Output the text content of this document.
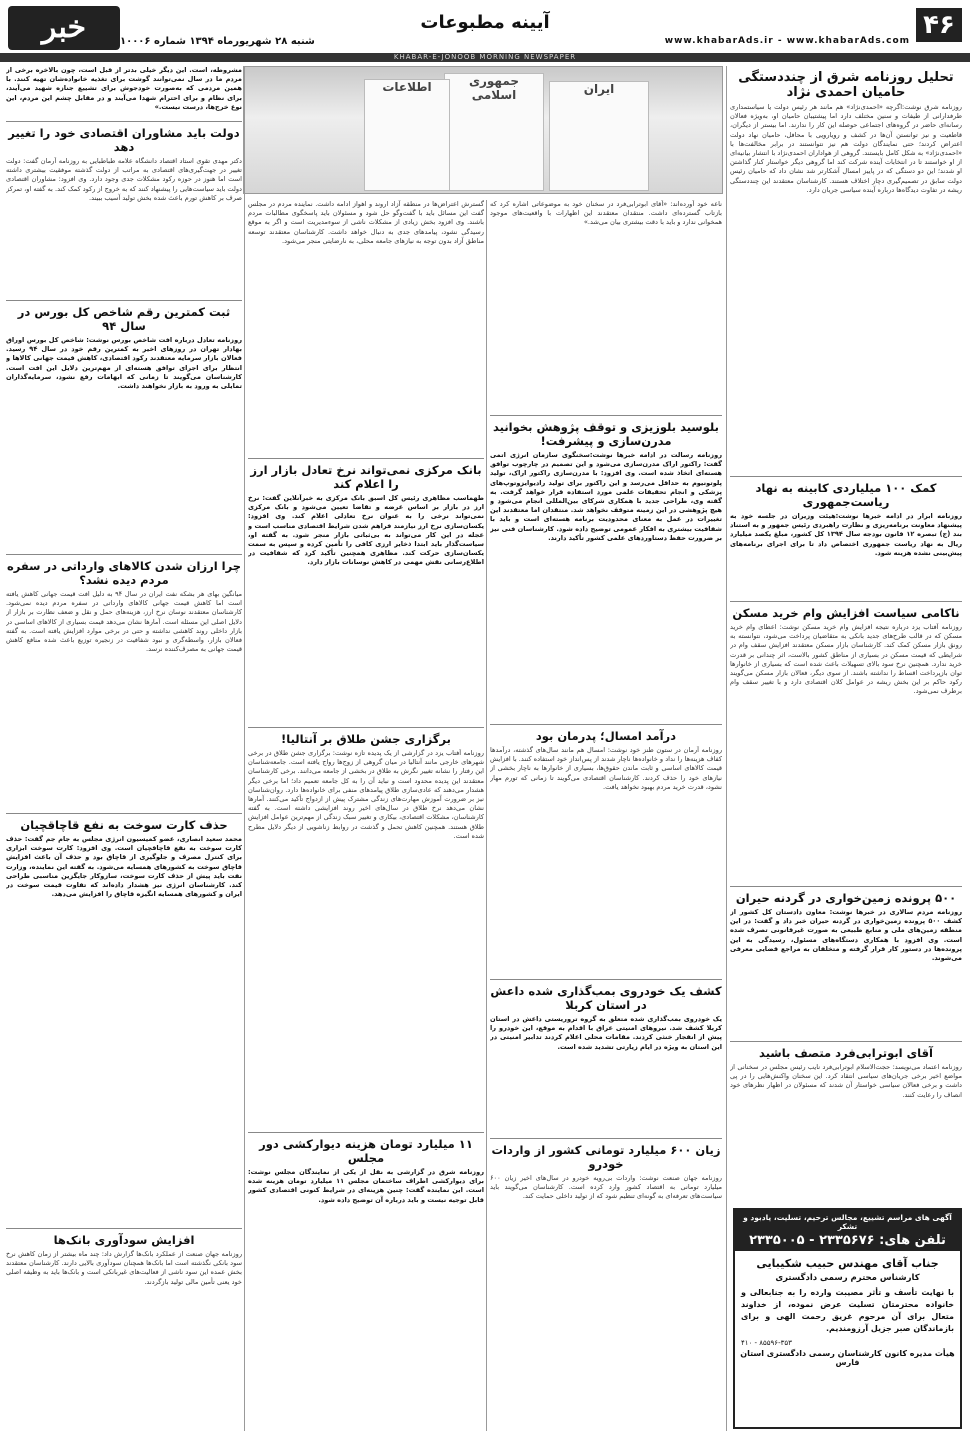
۴۶
www.khabarAds.ir - www.khabarAds.com
آیینه مطبوعات
شنبه ۲۸ شهریورماه ۱۳۹۴ شماره ۱۰۰۰۶
خبر
KHABAR-E-JONOOB MORNING NEWSPAPER
جمهوری اسلامی
اطلاعات	ایران
تحلیل روزنامه شرق از چنددستگی حامیان احمدی نژاد
روزنامه شرق نوشت:اگرچه «احمدی‌نژاد» هم مانند هر رئیس دولت یا سیاستمداری طرفدارانی از طیفات و سنین مختلف دارد اما پیشتیبان حامیان او، به‌ویژه فعالان رسانه‌ای حاضر در گروه‌های اجتماعی حوصله این کار را ندارند. اما بیستر از دیگران، قاطعیت و نیز توانستن آن‌ها در کشف و رویارویی با محافل، حامیان نهاد دولت اعتراض کردند؛ حتی نمایندگان دولت هم نیز نتوانستند در برابر مخالفت‌ها با «احمدی‌نژاد» به شکل کامل بایستند. گروهی از هواداران احمدی‌نژاد با انتشار بیانیه‌ای از او خواستند تا در انتخابات آینده شرکت کند اما گروهی دیگر خواستار کنار گذاشتن او شدند؛ این دو دستگی که در پاییز امسال آشکارتر شد نشان داد که حامیان رئیس دولت سابق در تصمیم‌گیری دچار اختلاف هستند. کارشناسان معتقدند این چنددستگی ریشه در تفاوت دیدگاه‌ها درباره آینده سیاسی جریان دارد.
کمک ۱۰۰ میلیاردی کابینه به نهاد ریاست‌جمهوری
روزنامه ابرار در ادامه خبرها نوشت:هیئت وزیران در جلسه خود به پیشنهاد معاونت برنامه‌ریزی و نظارت راهبردی رئیس جمهور و به استناد بند (ج) تبصره ۱۲ قانون بودجه سال ۱۳۹۴ کل کشور، مبلغ یکصد میلیارد ریال به نهاد ریاست جمهوری اختصاص داد تا برای اجرای برنامه‌های پیش‌بینی نشده هزینه شود.
ناکامی سیاست افزایش وام خرید مسکن
روزنامه آفتاب یزد درباره نتیجه افزایش وام خرید مسکن نوشت: اعطای وام خرید مسکن که در قالب طرح‌های جدید بانکی به متقاضیان پرداخت می‌شود، نتوانسته به رونق بازار مسکن کمک کند. کارشناسان بازار مسکن معتقدند افزایش سقف وام در شرایطی که قیمت مسکن در بسیاری از مناطق کشور بالاست، اثر چندانی بر قدرت خرید ندارد. همچنین نرخ سود بالای تسهیلات باعث شده است که بسیاری از خانوارها توان بازپرداخت اقساط را نداشته باشند. از سوی دیگر، فعالان بازار مسکن می‌گویند رکود حاکم بر این بخش ریشه در عوامل کلان اقتصادی دارد و با تغییر سقف وام برطرف نمی‌شود.
۵۰۰ پرونده زمین‌خواری در گردنه حیران
روزنامه مردم سالاری در خبرها نوشت: معاون دادستان کل کشور از کشف ۵۰۰ پرونده زمین‌خواری در گردنه حیران خبر داد و گفت: در این منطقه زمین‌های ملی و منابع طبیعی به صورت غیرقانونی تصرف شده است. وی افزود با همکاری دستگاه‌های مسئول، رسیدگی به این پرونده‌ها در دستور کار قرار گرفته و متخلفان به مراجع قضایی معرفی می‌شوند.
آقای ابوترابی‌فرد متصف باشید
روزنامه اعتماد می‌نویسد: حجت‌الاسلام ابوترابی‌فرد نایب رئیس مجلس در سخنانی از مواضع اخیر برخی جریان‌های سیاسی انتقاد کرد. این سخنان واکنش‌هایی را در پی داشت و برخی فعالان سیاسی خواستار آن شدند که مسئولان در اظهار نظرهای خود انصاف را رعایت کنند.
آگهی های مراسم تشییع، مجالس ترحیم، تسلیت، یادبود و تشکر
تلفن های: ۲۳۳۵۶۷۶ - ۲۳۳۵۰۰۵
جناب آقای مهندس حبیب شکیبایی
کارشناس محترم رسمی دادگستری
با نهایت تأسف و تأثر مصیبت وارده را به جنابعالی و خانواده محترمتان تسلیت عرض نموده، از خداوند متعال برای آن مرحوم غریق رحمت الهی و برای بازماندگان صبر جزیل آرزومندیم.
۸۵۵۹۶-۳۵۳ - ۴۱۰
هیأت مدیره کانون کارشناسان رسمی دادگستری استان فارس
ناعه خود آورده‌اند: «آقای ابوترابی‌فرد در سخنان خود به موضوعاتی اشاره کرد که بازتاب گسترده‌ای داشت. منتقدان معتقدند این اظهارات با واقعیت‌های موجود همخوانی ندارد و باید با دقت بیشتری بیان می‌شد.»
بلوسید بلوزیزی و توقف پژوهش بخوانید مدرن‌سازی و پیشرفت!
روزنامه رسالت در ادامه خبرها نوشت:سخنگوی سازمان انرژی اتمی گفت: راکتور اراک مدرن‌سازی می‌شود و این تصمیم در چارچوب توافق هسته‌ای اتخاذ شده است. وی افزود: با مدرن‌سازی راکتور اراک، تولید پلوتونیوم به حداقل می‌رسد و این راکتور برای تولید رادیوایزوتوپ‌های پزشکی و انجام تحقیقات علمی مورد استفاده قرار خواهد گرفت. به گفته وی، طراحی جدید با همکاری شرکای بین‌المللی انجام می‌شود و هیچ پژوهشی در این زمینه متوقف نخواهد شد. منتقدان اما معتقدند این تغییرات در عمل به معنای محدودیت برنامه هسته‌ای است و باید با شفافیت بیشتری به افکار عمومی توضیح داده شود. کارشناسان فنی نیز بر ضرورت حفظ دستاوردهای علمی کشور تأکید دارند.
درآمد امسال؛ پدرمان بود
روزنامه آرمان در ستون طنز خود نوشت: امسال هم مانند سال‌های گذشته، درآمدها کفاف هزینه‌ها را نداد و خانواده‌ها ناچار شدند از پس‌انداز خود استفاده کنند. با افزایش قیمت کالاهای اساسی و ثابت ماندن حقوق‌ها، بسیاری از خانوارها به ناچار بخشی از نیازهای خود را حذف کردند. کارشناسان اقتصادی می‌گویند تا زمانی که تورم مهار نشود، قدرت خرید مردم بهبود نخواهد یافت.
کشف یک خودروی بمب‌گذاری شده داعش در استان کربلا
یک خودروی بمب‌گذاری شده متعلق به گروه تروریستی داعش در استان کربلا کشف شد. نیروهای امنیتی عراق با اقدام به موقع، این خودرو را پیش از انفجار خنثی کردند. مقامات محلی اعلام کردند تدابیر امنیتی در این استان به ویژه در ایام زیارتی تشدید شده است.
زیان ۶۰۰ میلیارد تومانی کشور از واردات خودرو
روزنامه جهان صنعت نوشت: واردات بی‌رویه خودرو در سال‌های اخیر زیان ۶۰۰ میلیارد تومانی به اقتصاد کشور وارد کرده است. کارشناسان می‌گویند باید سیاست‌های تعرفه‌ای به گونه‌ای تنظیم شود که از تولید داخلی حمایت کند.
گسترش اعتراض‌ها در منطقه آزاد اروند و اهواز ادامه داشت. نماینده مردم در مجلس گفت این مسائل باید با گفت‌وگو حل شود و مسئولان باید پاسخگوی مطالبات مردم باشند. وی افزود بخش زیادی از مشکلات ناشی از سوءمدیریت است و اگر به موقع رسیدگی نشود، پیامدهای جدی به دنبال خواهد داشت. کارشناسان معتقدند توسعه مناطق آزاد بدون توجه به نیازهای جامعه محلی، به نارضایتی منجر می‌شود.
بانک مرکزی نمی‌تواند نرخ تعادل بازار ارز را اعلام کند
طهماسب مظاهری رئیس کل اسبق بانک مرکزی به خبرآنلاین گفت: نرخ ارز در بازار بر اساس عرضه و تقاضا تعیین می‌شود و بانک مرکزی نمی‌تواند نرخی را به عنوان نرخ تعادلی اعلام کند. وی افزود: یکسان‌سازی نرخ ارز نیازمند فراهم شدن شرایط اقتصادی مناسب است و عجله در این کار می‌تواند به بی‌ثباتی بازار منجر شود. به گفته او، سیاست‌گذار باید ابتدا ذخایر ارزی کافی را تأمین کرده و سپس به سمت یکسان‌سازی حرکت کند. مظاهری همچنین تأکید کرد که شفافیت در اطلاع‌رسانی نقش مهمی در کاهش نوسانات بازار دارد.
برگزاری جشن طلاق بر آنتالیا!
روزنامه آفتاب یزد در گزارشی از یک پدیده تازه نوشت: برگزاری جشن طلاق در برخی شهرهای خارجی مانند آنتالیا در میان گروهی از زوج‌ها رواج یافته است. جامعه‌شناسان این رفتار را نشانه تغییر نگرش به طلاق در بخشی از جامعه می‌دانند. برخی کارشناسان معتقدند این پدیده محدود است و نباید آن را به کل جامعه تعمیم داد؛ اما برخی دیگر هشدار می‌دهند که عادی‌سازی طلاق پیامدهای منفی برای خانواده‌ها دارد. روان‌شناسان نیز بر ضرورت آموزش مهارت‌های زندگی مشترک پیش از ازدواج تأکید می‌کنند. آمارها نشان می‌دهد نرخ طلاق در سال‌های اخیر روند افزایشی داشته است. به گفته کارشناسان، مشکلات اقتصادی، بیکاری و تغییر سبک زندگی از مهم‌ترین عوامل افزایش طلاق هستند. همچنین کاهش تحمل و گذشت در روابط زناشویی از دیگر دلایل مطرح شده است.
۱۱ میلیارد تومان هزینه دیوارکشی دور مجلس
روزنامه شرق در گزارشی به نقل از یکی از نمایندگان مجلس نوشت: برای دیوارکشی اطراف ساختمان مجلس ۱۱ میلیارد تومان هزینه شده است. این نماینده گفت: چنین هزینه‌ای در شرایط کنونی اقتصادی کشور قابل توجیه نیست و باید درباره آن توضیح داده شود.
مشروطه، است. این دیگر خیلی بدتر از قبل است، چون بالاخره برخی از مردم ما در سال نمی‌توانند گوشت برای تغذیه خانواده‌شان تهیه کنند. با همین مردمی که به‌صورت خودجوش برای تشییع جنازه شهید می‌آیند، برای نظام و برای احترام شهدا می‌آیند و در مقابل چشم این مردم، این نوع خرج‌ها، درست نیست.»
دولت باید مشاوران اقتصادی خود را تغییر دهد
دکتر مهدی تقوی استاد اقتصاد دانشگاه علامه طباطبایی به روزنامه آرمان گفت: دولت تغییر در جهت‌گیری‌های اقتصادی به مراتب از دولت گذشته موفقیت بیشتری داشته است اما هنوز در حوزه رکود مشکلات جدی وجود دارد. وی افزود: مشاوران اقتصادی دولت باید سیاست‌هایی را پیشنهاد کنند که به خروج از رکود کمک کند. به گفته او، تمرکز صرف بر کاهش تورم باعث شده بخش تولید آسیب ببیند.
ثبت کمترین رقم شاخص کل بورس در سال ۹۴
روزنامه تعادل درباره افت شاخص بورس نوشت: شاخص کل بورس اوراق بهادار تهران در روزهای اخیر به کمترین رقم خود در سال ۹۴ رسید. فعالان بازار سرمایه معتقدند رکود اقتصادی، کاهش قیمت جهانی کالاها و انتظار برای اجرای توافق هسته‌ای از مهم‌ترین دلایل این افت است. کارشناسان می‌گویند تا زمانی که ابهامات رفع نشود، سرمایه‌گذاران تمایلی به ورود به بازار نخواهند داشت.
چرا ارزان شدن کالاهای وارداتی در سفره مردم دیده نشد؟
میانگین بهای هر بشکه نفت ایران در سال ۹۴ به دلیل افت قیمت جهانی کاهش یافته است اما کاهش قیمت جهانی کالاهای وارداتی در سفره مردم دیده نمی‌شود. کارشناسان معتقدند نوسان نرخ ارز، هزینه‌های حمل و نقل و ضعف نظارت بر بازار از دلایل اصلی این مسئله است. آمارها نشان می‌دهد قیمت بسیاری از کالاهای اساسی در بازار داخلی روند کاهشی نداشته و حتی در برخی موارد افزایش یافته است. به گفته فعالان بازار، واسطه‌گری و نبود شفافیت در زنجیره توزیع باعث شده منافع کاهش قیمت جهانی به مصرف‌کننده نرسد.
حذف کارت سوخت به نفع قاچاقچیان
محمد سعید انصاری، عضو کمیسیون انرژی مجلس به جام جم گفت: حذف کارت سوخت به نفع قاچاقچیان است. وی افزود: کارت سوخت ابزاری برای کنترل مصرف و جلوگیری از قاچاق بود و حذف آن باعث افزایش قاچاق سوخت به کشورهای همسایه می‌شود. به گفته این نماینده، وزارت نفت باید پیش از حذف کارت سوخت، سازوکار جایگزین مناسبی طراحی کند. کارشناسان انرژی نیز هشدار داده‌اند که تفاوت قیمت سوخت در ایران و کشورهای همسایه انگیزه قاچاق را افزایش می‌دهد.
افزایش سودآوری بانک‌ها
روزنامه جهان صنعت از عملکرد بانک‌ها گزارش داد: چند ماه بیشتر از زمان کاهش نرخ سود بانکی نگذشته است اما بانک‌ها همچنان سودآوری بالایی دارند. کارشناسان معتقدند بخش عمده این سود ناشی از فعالیت‌های غیربانکی است و بانک‌ها باید به وظیفه اصلی خود یعنی تأمین مالی تولید بازگردند.
